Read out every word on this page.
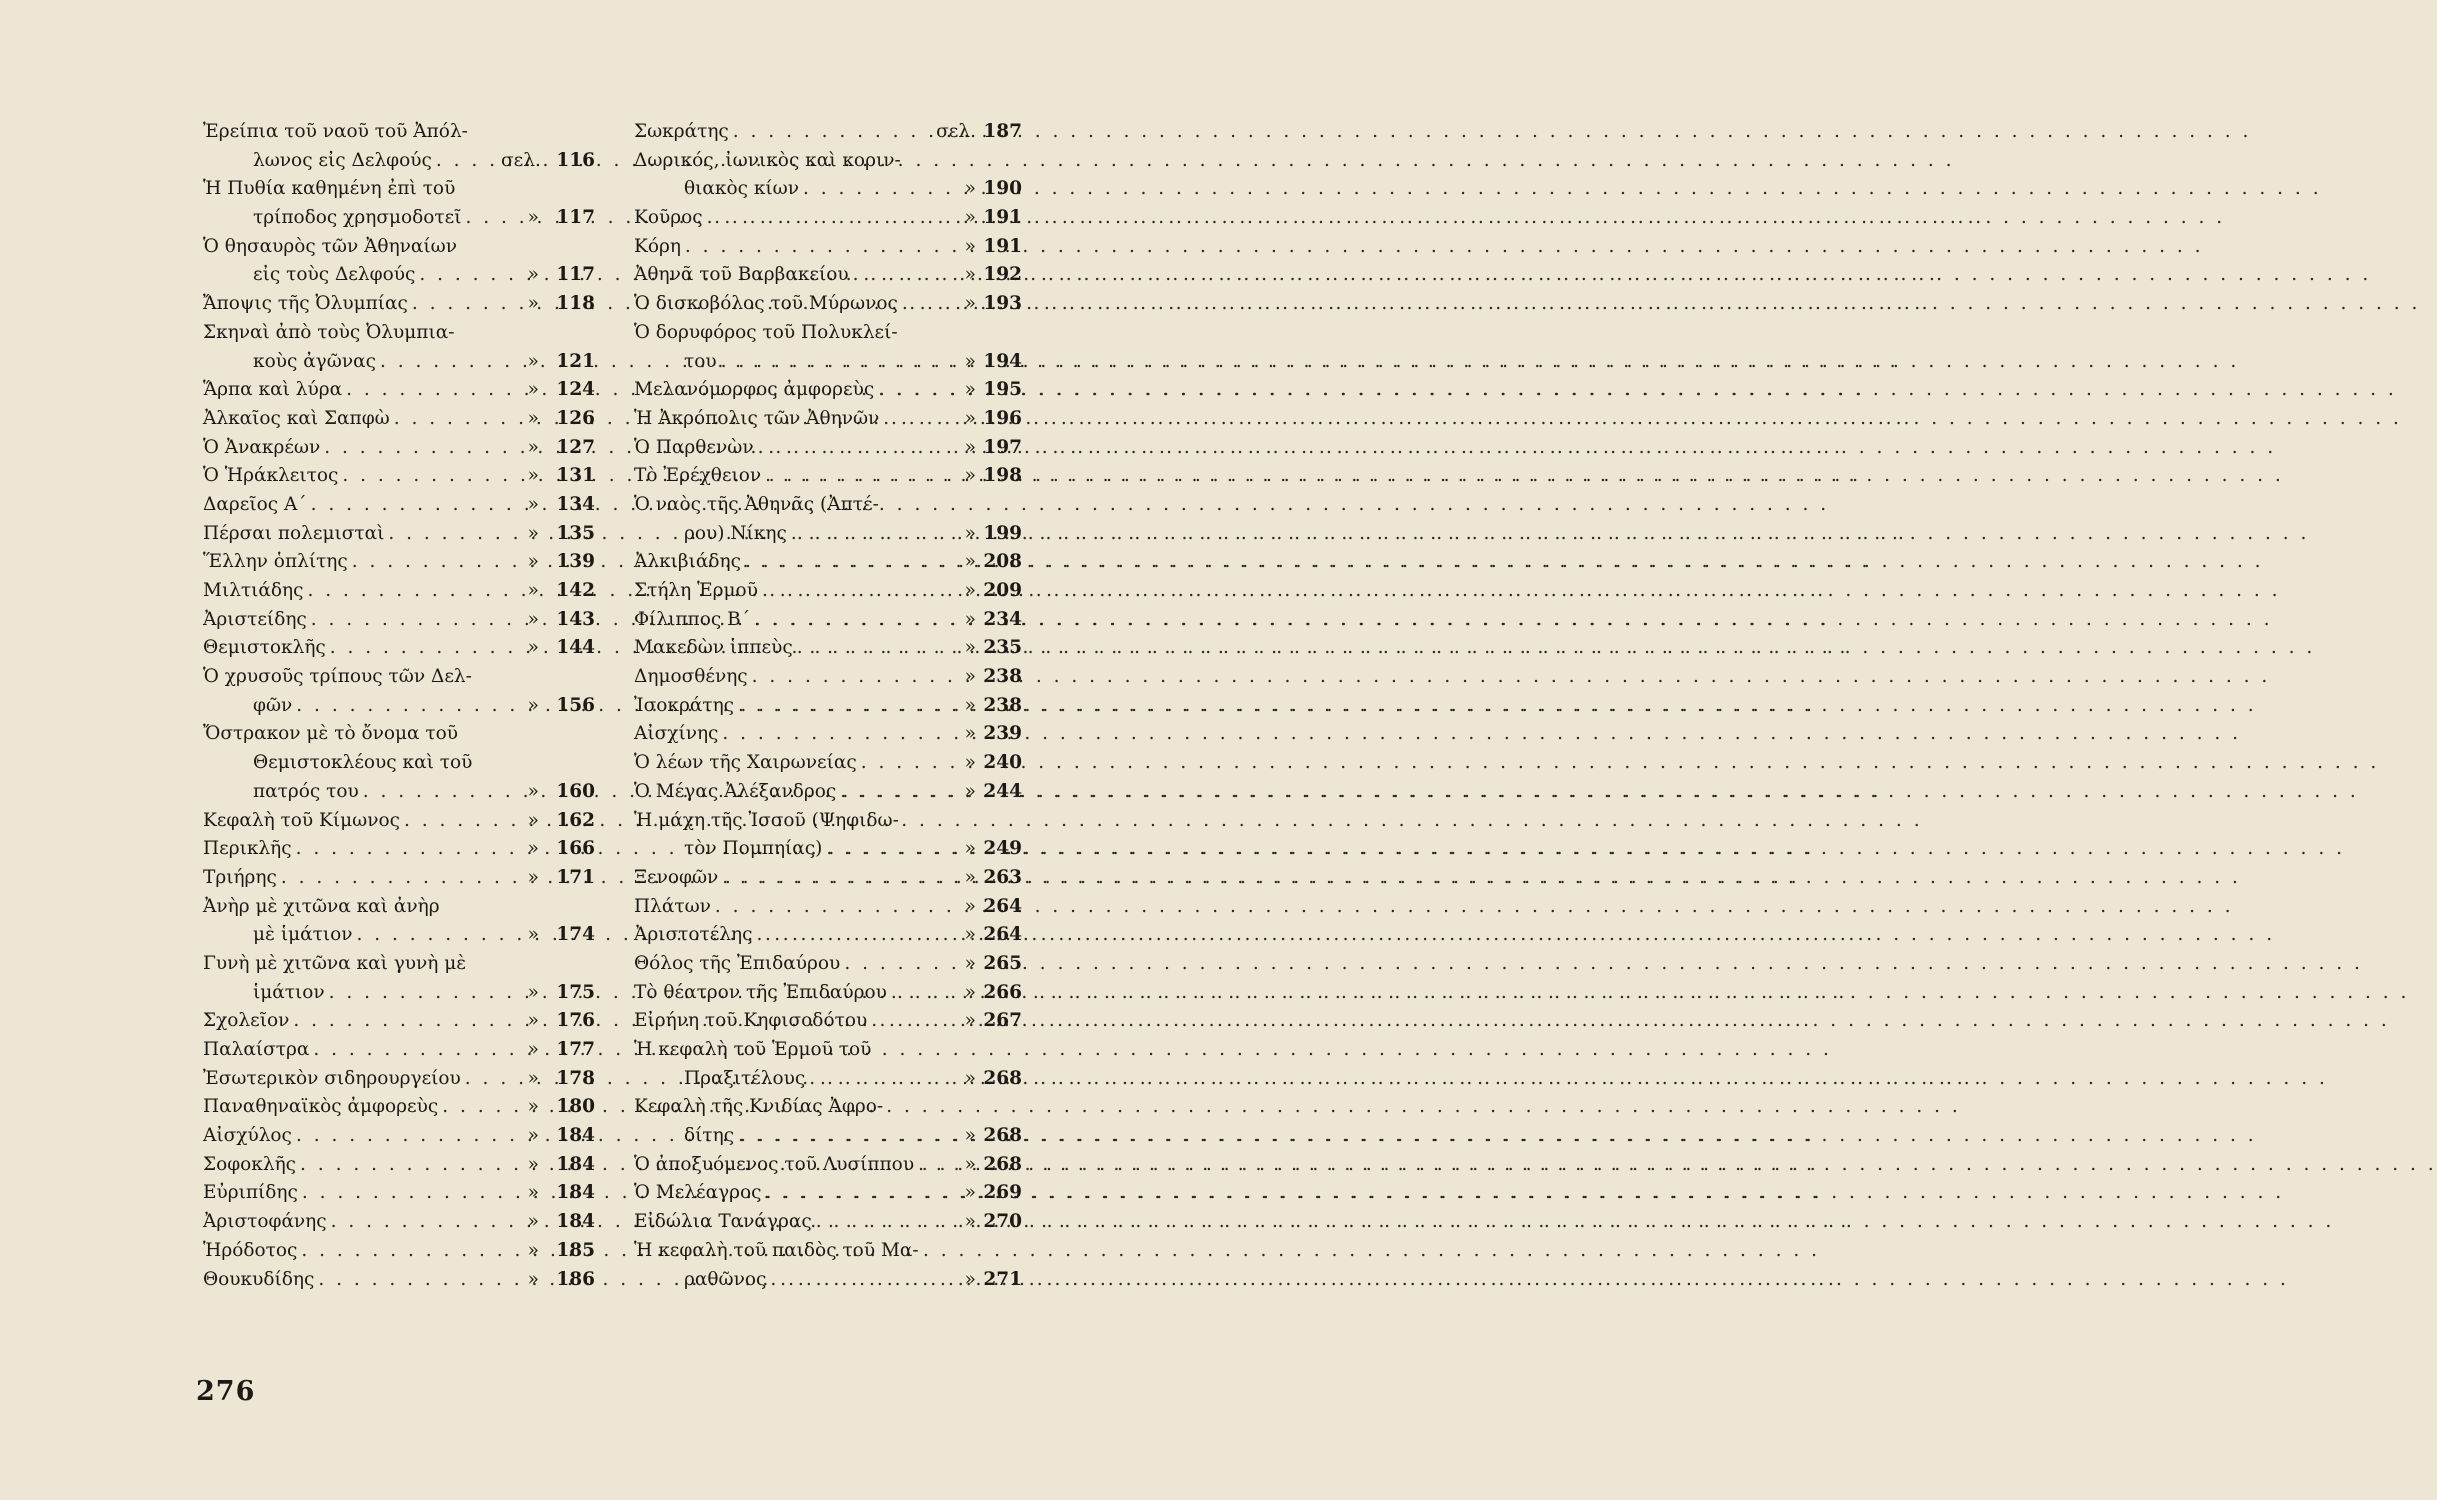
Ἐρείπια τοῦ ναοῦ τοῦ Ἀπόλ-
λωνος εἰς Δελφούς . . .	σελ. 116
Ἡ Πυθία καθημένη ἐπὶ τοῦ
τρίποδος χρησμοδοτεῖ . . .	» 117
Ὁ θησαυρὸς τῶν Ἀθηναίων
εἰς τοὺς Δελφούς . . .	» 117
Ἄποψις τῆς Ὀλυμπίας . . .	» 118
Σκηναὶ ἀπὸ τοὺς Ὀλυμπια-
κοὺς ἀγῶνας . . .	» 121
Ἅρπα καὶ λύρα . . .	» 124
Ἀλκαῖος καὶ Σαπφὼ . . .	» 126
Ὁ Ἀνακρέων . . .	» 127
Ὁ Ἡράκλειτος . . .	» 131
Δαρεῖος Α΄ . . .	» 134
Πέρσαι πολεμισταὶ . . .	» 135
Ἕλλην ὁπλίτης . . .	» 139
Μιλτιάδης . . .	» 142
Ἀριστείδης . . .	» 143
Θεμιστοκλῆς . . .	» 144
Ὁ χρυσοῦς τρίπους τῶν Δελ-
φῶν . . .	» 156
Ὄστρακον μὲ τὸ ὄνομα τοῦ
Θεμιστοκλέους καὶ τοῦ
πατρός του . . .	» 160
Κεφαλὴ τοῦ Κίμωνος . . .	» 162
Περικλῆς . . .	» 166
Τριήρης . . .	» 171
Ἀνὴρ μὲ χιτῶνα καὶ ἀνὴρ
μὲ ἱμάτιον . . .	» 174
Γυνὴ μὲ χιτῶνα καὶ γυνὴ μὲ
ἱμάτιον . . .	» 175
Σχολεῖον . . .	» 176
Παλαίστρα . . .	» 177
Ἐσωτερικὸν σιδηρουργείου . . .	» 178
Παναθηναϊκὸς ἀμφορεὺς . . .	» 180
Αἰσχύλος . . .	» 184
Σοφοκλῆς . . .	» 184
Εὐριπίδης . . .	» 184
Ἀριστοφάνης . . .	» 184
Ἡρόδοτος . . .	» 185
Θουκυδίδης . . .	» 186
Σωκράτης . . .	σελ. 187
Δωρικός, ἰωνικὸς καὶ κοριν-
θιακὸς κίων . . .	» 190
Κοῦρος . . .	» 191
Κόρη . . .	» 191
Ἀθηνᾶ τοῦ Βαρβακείου . . .	» 192
Ὁ δισκοβόλος τοῦ Μύρωνος . . .	» 193
Ὁ δορυφόρος τοῦ Πολυκλεί-
του . . .	» 194
Μελανόμορφος ἀμφορεὺς . . .	» 195
Ἡ Ἀκρόπολις τῶν Ἀθηνῶν . . .	» 196
Ὁ Παρθενὼν . . .	» 197
Τὸ Ἐρέχθειον . . .	» 198
Ὁ ναὸς τῆς Ἀθηνᾶς (Ἀπτέ-
ρου) Νίκης . . .	» 199
Ἀλκιβιάδης . . .	» 208
Στήλη Ἑρμοῦ . . .	» 209
Φίλιππος Β΄ . . .	» 234
Μακεδὼν ἱππεὺς . . .	» 235
Δημοσθένης . . .	» 238
Ἰσοκράτης . . .	» 238
Αἰσχίνης . . .	» 239
Ὁ λέων τῆς Χαιρωνείας . . .	» 240
Ὁ Μέγας Ἀλέξανδρος . . .	» 244
Ἡ μάχη τῆς Ἰσσοῦ (Ψηφιδω-
τὸν Πομπηίας) . . .	» 249
Ξενοφῶν . . .	» 263
Πλάτων . . .	» 264
Ἀριστοτέλης . . .	» 264
Θόλος τῆς Ἐπιδαύρου . . .	» 265
Τὸ θέατρον τῆς Ἐπιδαύρου . . .	» 266
Εἰρήνη τοῦ Κηφισοδότου . . .	» 267
Ἡ κεφαλὴ τοῦ Ἑρμοῦ τοῦ
Πραξιτέλους . . .	» 268
Κεφαλὴ τῆς Κνιδίας Ἀφρο-
δίτης . . .	» 268
Ὁ ἀποξυόμενος τοῦ Λυσίππου . . .	» 268
Ὁ Μελέαγρος . . .	» 269
Εἰδώλια Τανάγρας . . .	» 270
Ἡ κεφαλὴ τοῦ παιδὸς τοῦ Μα-
ραθῶνος . . .	» 271
276
